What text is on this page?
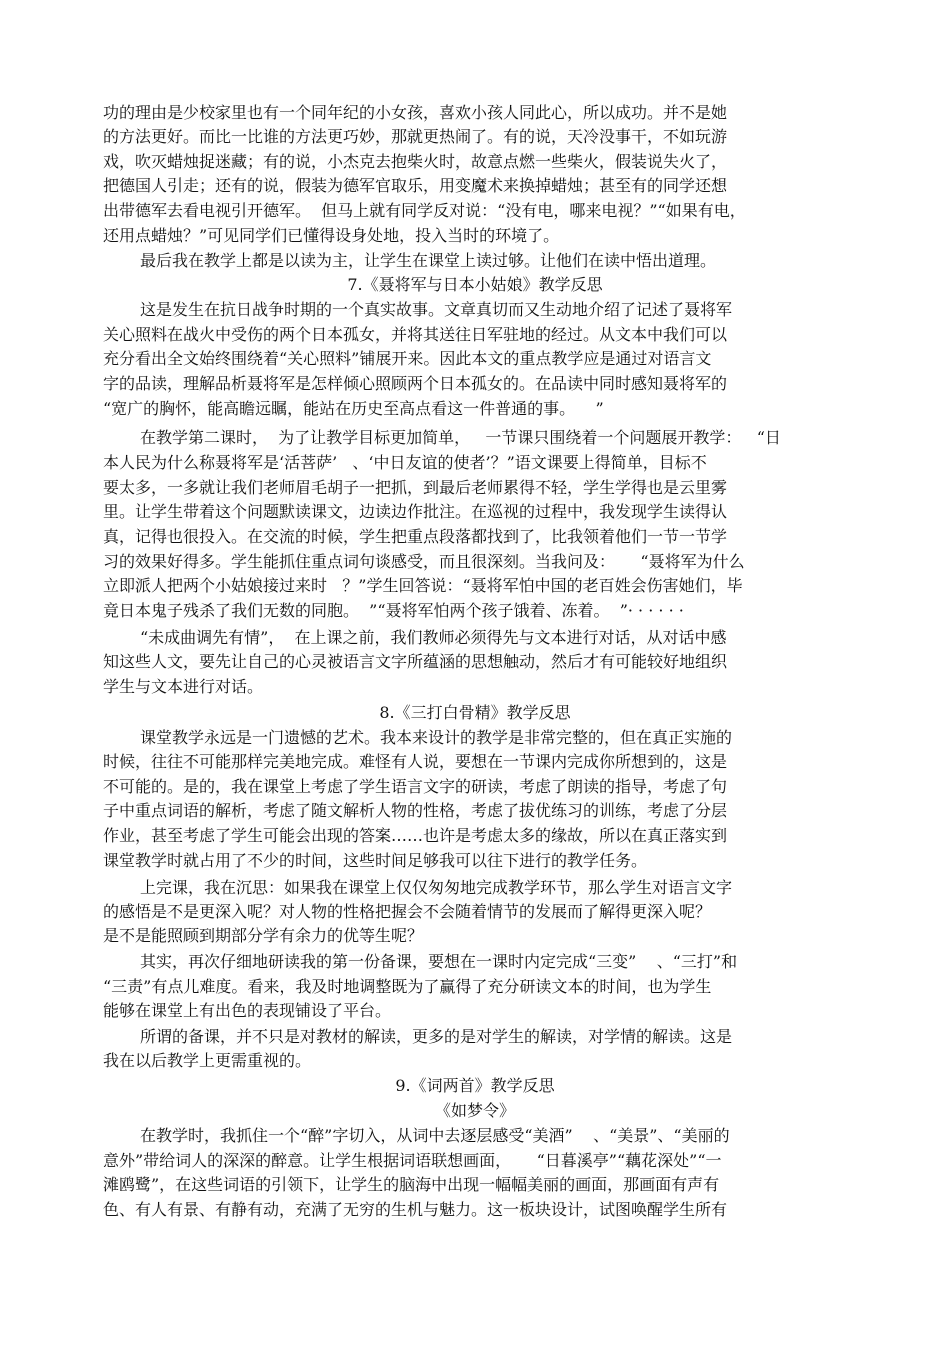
功的理由是少校家里也有一个同年纪的小女孩，喜欢小孩人同此心，所以成功。并不是她
的方法更好。而比一比谁的方法更巧妙，那就更热闹了。有的说，天冷没事干，不如玩游
戏，吹灭蜡烛捉迷藏；有的说，小杰克去抱柴火时，故意点燃一些柴火，假装说失火了，
把德国人引走；还有的说，假装为德军官取乐，用变魔术来换掉蜡烛；甚至有的同学还想
出带德军去看电视引开德军。  但马上就有同学反对说：“没有电，哪来电视？”“如果有电，
还用点蜡烛？”可见同学们已懂得设身处地，投入当时的环境了。
最后我在教学上都是以读为主，让学生在课堂上读过够。让他们在读中悟出道理。
7.《聂将军与日本小姑娘》教学反思
这是发生在抗日战争时期的一个真实故事。文章真切而又生动地介绍了记述了聂将军
关心照料在战火中受伤的两个日本孤女，并将其送往日军驻地的经过。从文本中我们可以
充分看出全文始终围绕着“关心照料”铺展开来。因此本文的重点教学应是通过对语言文
字的品读，理解品析聂将军是怎样倾心照顾两个日本孤女的。在品读中同时感知聂将军的
“宽广的胸怀，能高瞻远瞩，能站在历史至高点看这一件普通的事。    ”
在教学第二课时，  为了让教学目标更加简单，   一节课只围绕着一个问题展开教学：   “日
本人民为什么称聂将军是‘活菩萨’   、‘中日友谊的使者’？”语文课要上得简单，目标不
要太多，一多就让我们老师眉毛胡子一把抓，到最后老师累得不轻，学生学得也是云里雾
里。让学生带着这个问题默读课文，边读边作批注。在巡视的过程中，我发现学生读得认
真，记得也很投入。在交流的时候，学生把重点段落都找到了，比我领着他们一节一节学
习的效果好得多。学生能抓住重点词句谈感受，而且很深刻。当我问及：     “聂将军为什么
立即派人把两个小姑娘接过来时   ？”学生回答说：“聂将军怕中国的老百姓会伤害她们，毕
竟日本鬼子残杀了我们无数的同胞。  ”“聂将军怕两个孩子饿着、冻着。  ”· · · · · ·
“未成曲调先有情”，  在上课之前，我们教师必须得先与文本进行对话，从对话中感
知这些人文，要先让自己的心灵被语言文字所蕴涵的思想触动，然后才有可能较好地组织
学生与文本进行对话。
8.《三打白骨精》教学反思
课堂教学永远是一门遗憾的艺术。我本来设计的教学是非常完整的，但在真正实施的
时候，往往不可能那样完美地完成。难怪有人说，要想在一节课内完成你所想到的，这是
不可能的。是的，我在课堂上考虑了学生语言文字的研读，考虑了朗读的指导，考虑了句
子中重点词语的解析，考虑了随文解析人物的性格，考虑了拔优练习的训练，考虑了分层
作业，甚至考虑了学生可能会出现的答案……也许是考虑太多的缘故，所以在真正落实到
课堂教学时就占用了不少的时间，这些时间足够我可以往下进行的教学任务。
上完课，我在沉思：如果我在课堂上仅仅匆匆地完成教学环节，那么学生对语言文字
的感悟是不是更深入呢？对人物的性格把握会不会随着情节的发展而了解得更深入呢？
是不是能照顾到期部分学有余力的优等生呢？
其实，再次仔细地研读我的第一份备课，要想在一课时内定完成“三变”    、“三打”和
“三责”有点儿难度。看来，我及时地调整既为了赢得了充分研读文本的时间，也为学生
能够在课堂上有出色的表现铺设了平台。
所谓的备课，并不只是对教材的解读，更多的是对学生的解读，对学情的解读。这是
我在以后教学上更需重视的。
9.《词两首》教学反思
《如梦令》
在教学时，我抓住一个“醉”字切入，从词中去逐层感受“美酒”    、“美景”、“美丽的
意外”带给词人的深深的醉意。让学生根据词语联想画面，     “日暮溪亭”“藕花深处”“一
滩鸥鹭”，在这些词语的引领下，让学生的脑海中出现一幅幅美丽的画面，那画面有声有
色、有人有景、有静有动，充满了无穷的生机与魅力。这一板块设计，试图唤醒学生所有
